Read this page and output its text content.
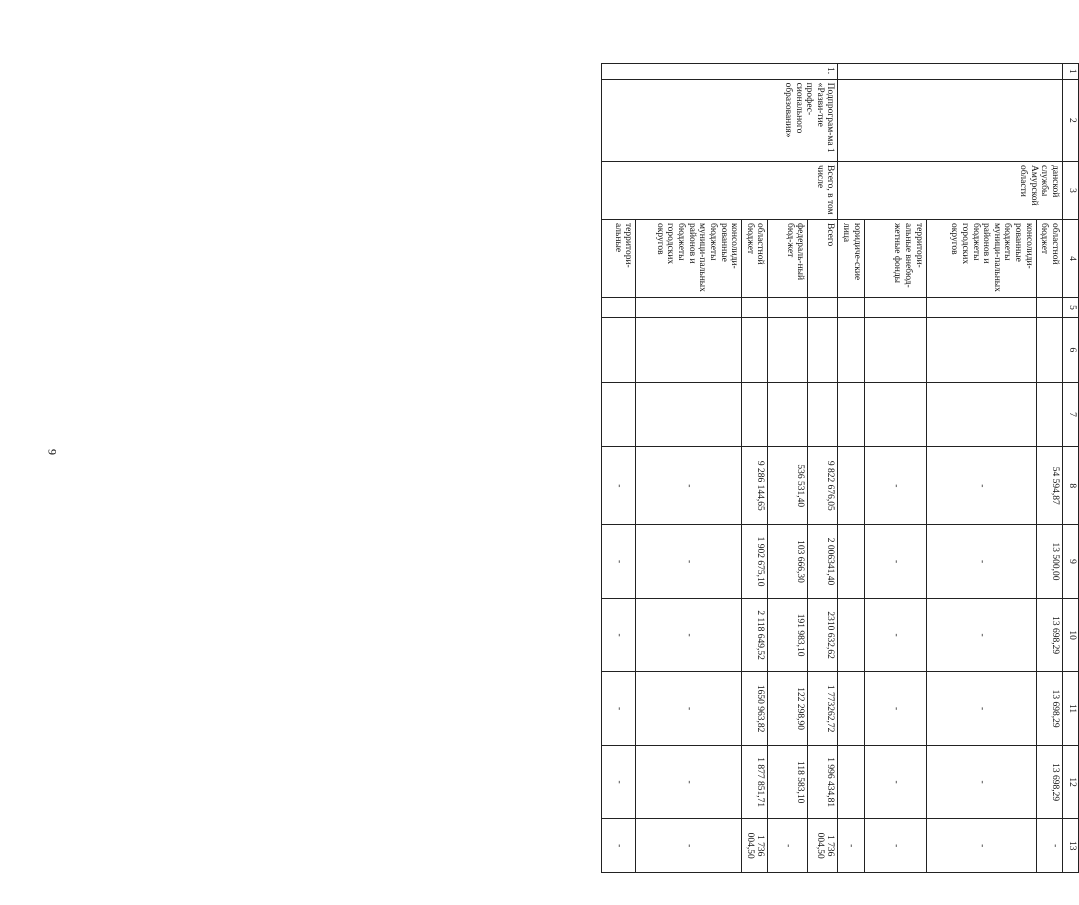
9
1	2	3	4	5	6	7	8	9	10	11	12	13
		данской службы Амурской области	областной бюджет				54 594,87	13 500,00	13 698,29	13 698,29	13 698,29	-
			консолиди-рованные бюджеты муници-пальных районов и бюджеты городских округов				-	-	-	-	-	-
			территори-альные внебюд-жетные фонды				-	-	-	-	-	-
			юридиче-ские лица									-
1.	Подпрограм-ма 1 «Разви-тие профес-сионального образования»	Всего, в том числе	Всего				9 822 676,05	2 006341,40	2310 632,62	1 773262,72	1 996 434,81	1 736 004,50
			федераль-ный бюд-жет				536 531,40	103 666,30	191 983,10	122 298,90	118 583,10	-
			областной бюджет				9 286 144,65	1 902 675,10	2 118 649,52	1650 963,82	1 877 851,71	1 736 004,50
			консолиди-рованные бюджеты муници-пальных районов и бюджеты городских округов				-	-	-	-	-	-
			территори-альные				-	-	-	-	-	-
